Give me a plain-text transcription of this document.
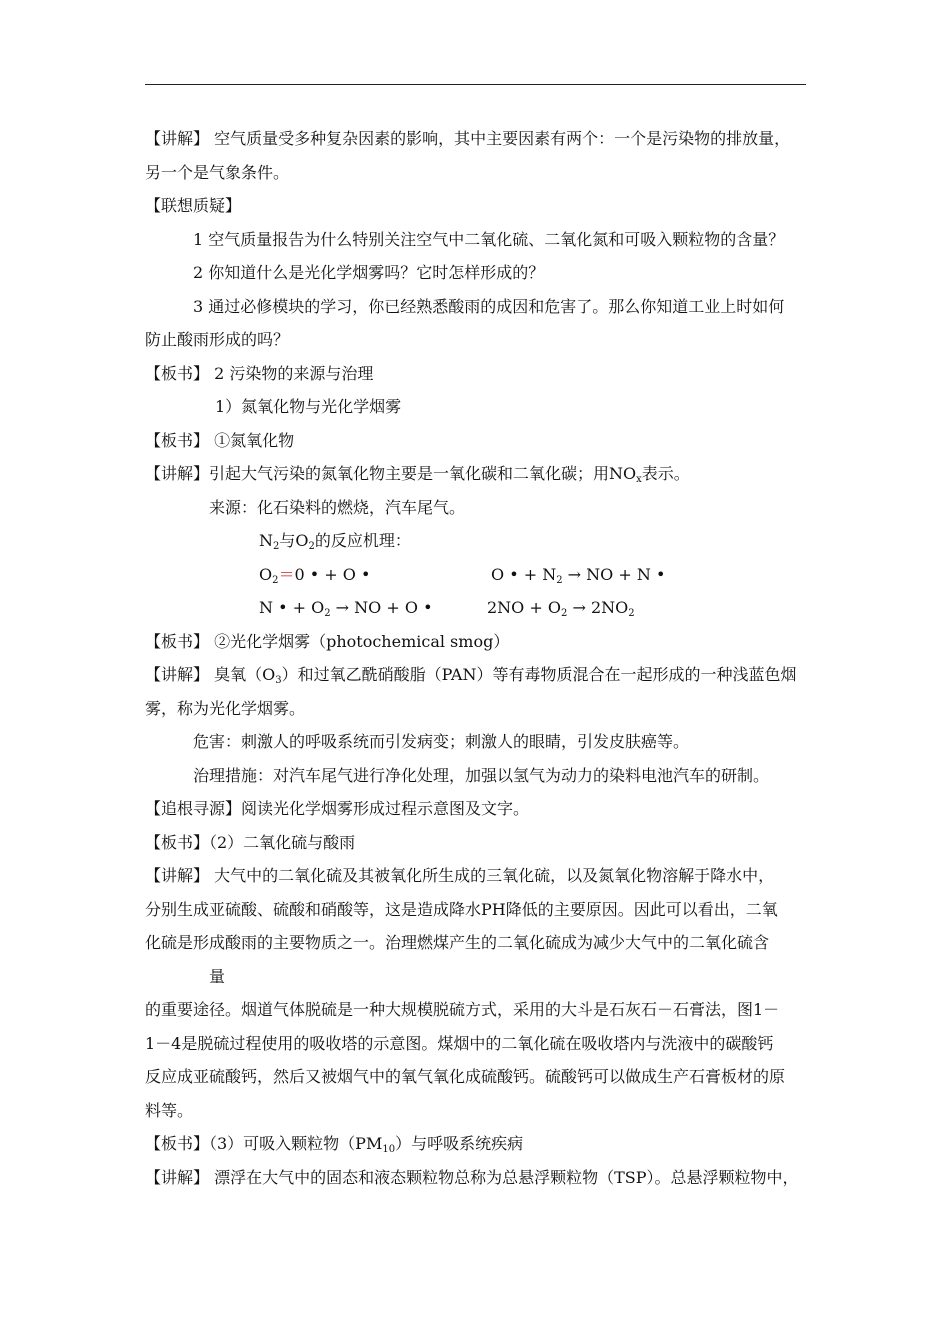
【讲解】 空气质量受多种复杂因素的影响，其中主要因素有两个：一个是污染物的排放量，
另一个是气象条件。
【联想质疑】
1 空气质量报告为什么特别关注空气中二氧化硫、二氧化氮和可吸入颗粒物的含量？
2 你知道什么是光化学烟雾吗？它时怎样形成的？
3 通过必修模块的学习，你已经熟悉酸雨的成因和危害了。那么你知道工业上时如何
防止酸雨形成的吗？
【板书】 2 污染物的来源与治理
1）氮氧化物与光化学烟雾
【板书】 ①氮氧化物
【讲解】引起大气污染的氮氧化物主要是一氧化碳和二氧化碳；用$NO_x$表示。
来源：化石染料的燃烧，汽车尾气。
$N_2$与$O_2$的反应机理：
$O_2=0$ • + O •	O • + $N_2$ → NO + N •
N • + $O_2$ → NO + O •	$2NO + O_2 \to 2NO_2$
【板书】 ②光化学烟雾（photochemical smog）
【讲解】 臭氧$(O_3)$和过氧乙酰硝酸脂（PAN）等有毒物质混合在一起形成的一种浅蓝色烟
雾，称为光化学烟雾。
危害：刺激人的呼吸系统而引发病变；刺激人的眼睛，引发皮肤癌等。
治理措施：对汽车尾气进行净化处理，加强以氢气为动力的染料电池汽车的研制。
【追根寻源】阅读光化学烟雾形成过程示意图及文字。
【板书】（2）二氧化硫与酸雨
【讲解】 大气中的二氧化硫及其被氧化所生成的三氧化硫，以及氮氧化物溶解于降水中，
分别生成亚硫酸、硫酸和硝酸等，这是造成降水PH降低的主要原因。因此可以看出，二氧
化硫是形成酸雨的主要物质之一。治理燃煤产生的二氧化硫成为减少大气中的二氧化硫含
量
的重要途径。烟道气体脱硫是一种大规模脱硫方式，采用的大斗是石灰石－石膏法，图1－
1－4是脱硫过程使用的吸收塔的示意图。煤烟中的二氧化硫在吸收塔内与洗液中的碳酸钙
反应成亚硫酸钙，然后又被烟气中的氧气氧化成硫酸钙。硫酸钙可以做成生产石膏板材的原
料等。
【板书】（3）可吸入颗粒物$(PM_{10})$与呼吸系统疾病
【讲解】 漂浮在大气中的固态和液态颗粒物总称为总悬浮颗粒物（TSP）。总悬浮颗粒物中，
